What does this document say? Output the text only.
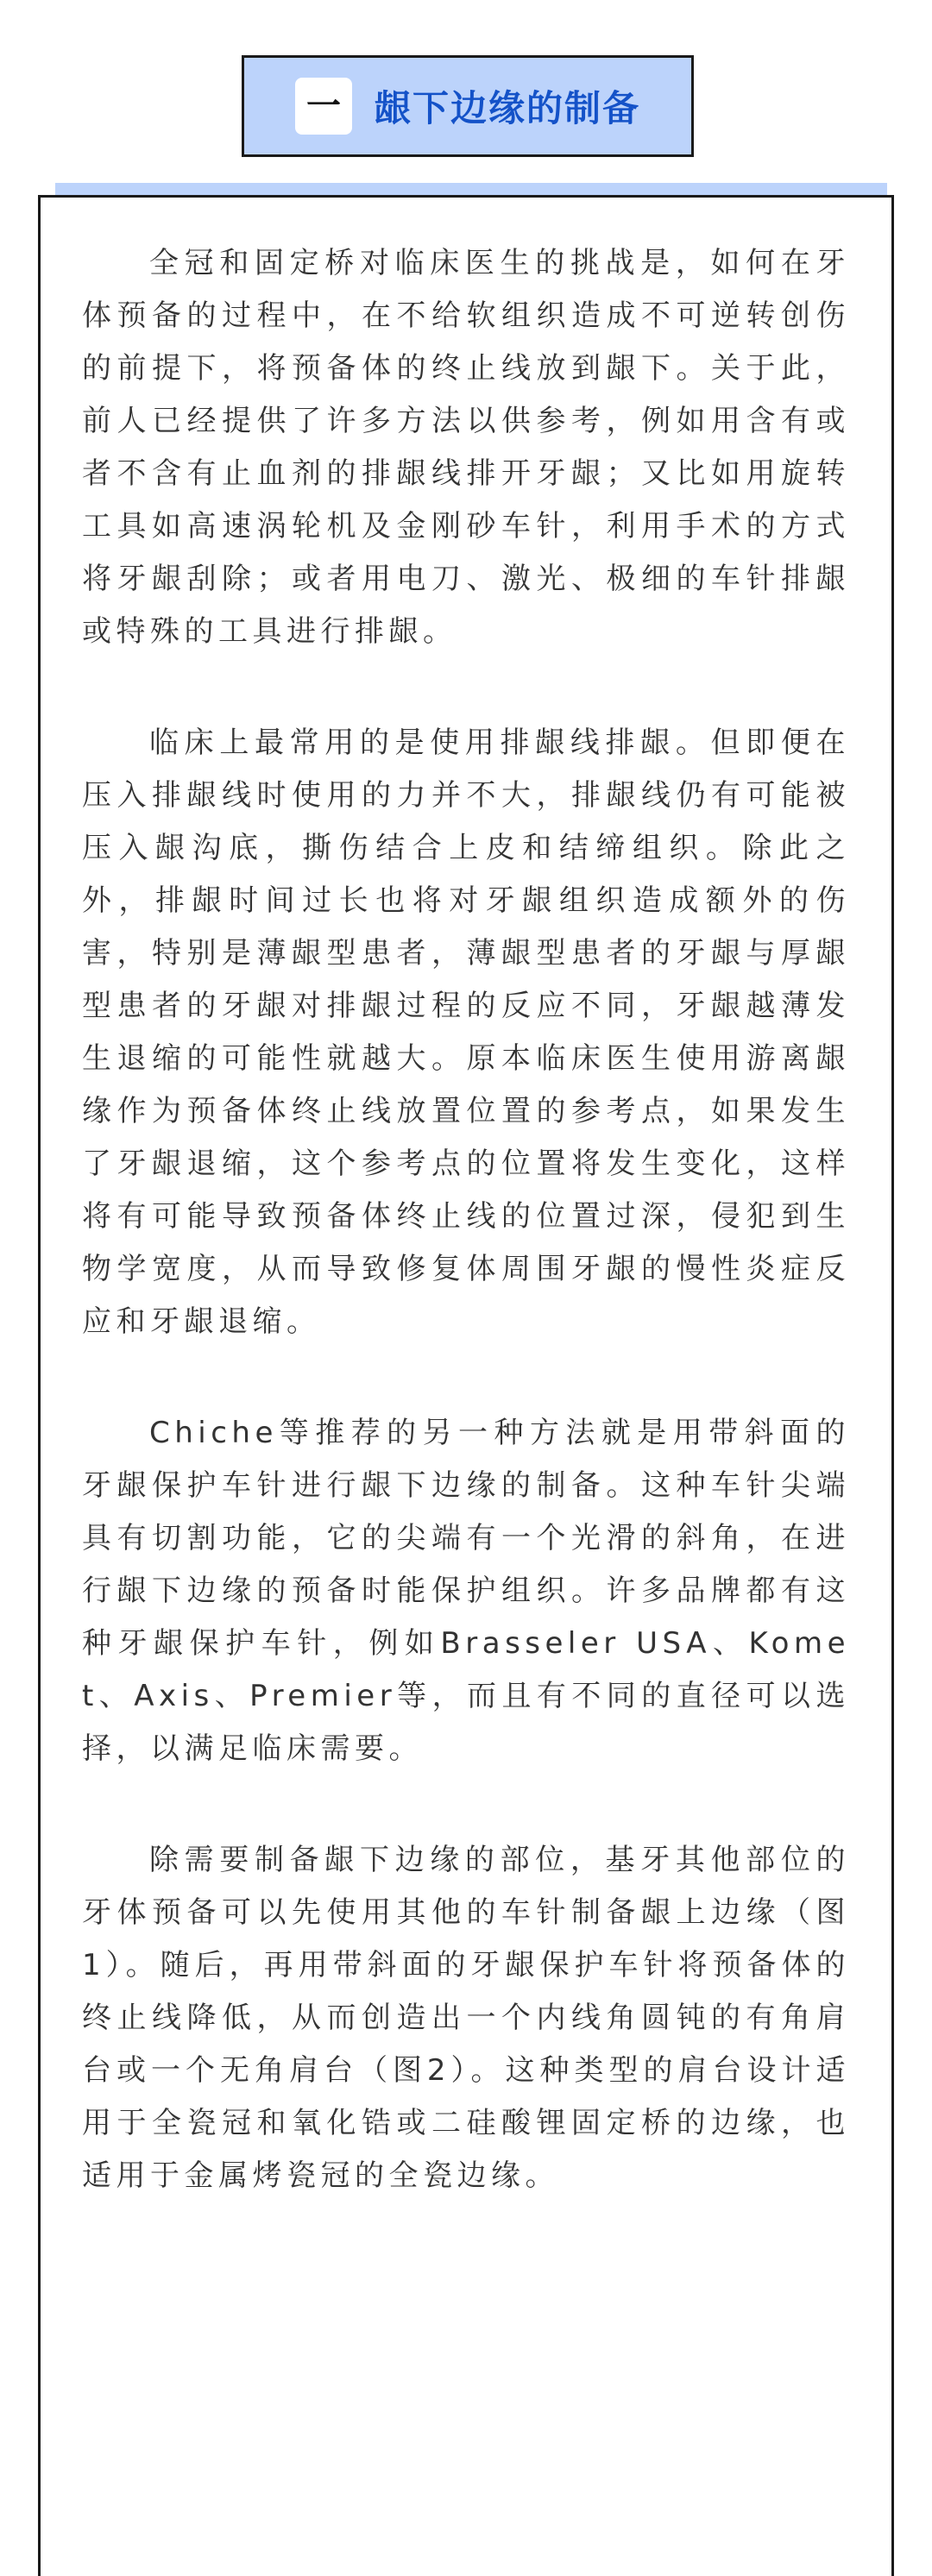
一 龈下边缘的制备

全冠和固定桥对临床医生的挑战是，如何在牙体预备的过程中，在不给软组织造成不可逆转创伤的前提下，将预备体的终止线放到龈下。关于此，前人已经提供了许多方法以供参考，例如用含有或者不含有止血剂的排龈线排开牙龈；又比如用旋转工具如高速涡轮机及金刚砂车针，利用手术的方式将牙龈刮除；或者用电刀、激光、极细的车针排龈或特殊的工具进行排龈。

临床上最常用的是使用排龈线排龈。但即便在压入排龈线时使用的力并不大，排龈线仍有可能被压入龈沟底，撕伤结合上皮和结缔组织。除此之外，排龈时间过长也将对牙龈组织造成额外的伤害，特别是薄龈型患者，薄龈型患者的牙龈与厚龈型患者的牙龈对排龈过程的反应不同，牙龈越薄发生退缩的可能性就越大。原本临床医生使用游离龈缘作为预备体终止线放置位置的参考点，如果发生了牙龈退缩，这个参考点的位置将发生变化，这样将有可能导致预备体终止线的位置过深，侵犯到生物学宽度，从而导致修复体周围牙龈的慢性炎症反应和牙龈退缩。

Chiche等推荐的另一种方法就是用带斜面的牙龈保护车针进行龈下边缘的制备。这种车针尖端具有切割功能，它的尖端有一个光滑的斜角，在进行龈下边缘的预备时能保护组织。许多品牌都有这种牙龈保护车针，例如Brasseler USA、Komet、Axis、Premier等，而且有不同的直径可以选择，以满足临床需要。

除需要制备龈下边缘的部位，基牙其他部位的牙体预备可以先使用其他的车针制备龈上边缘（图1）。随后，再用带斜面的牙龈保护车针将预备体的终止线降低，从而创造出一个内线角圆钝的有角肩台或一个无角肩台（图2）。这种类型的肩台设计适用于全瓷冠和氧化锆或二硅酸锂固定桥的边缘，也适用于金属烤瓷冠的全瓷边缘。
